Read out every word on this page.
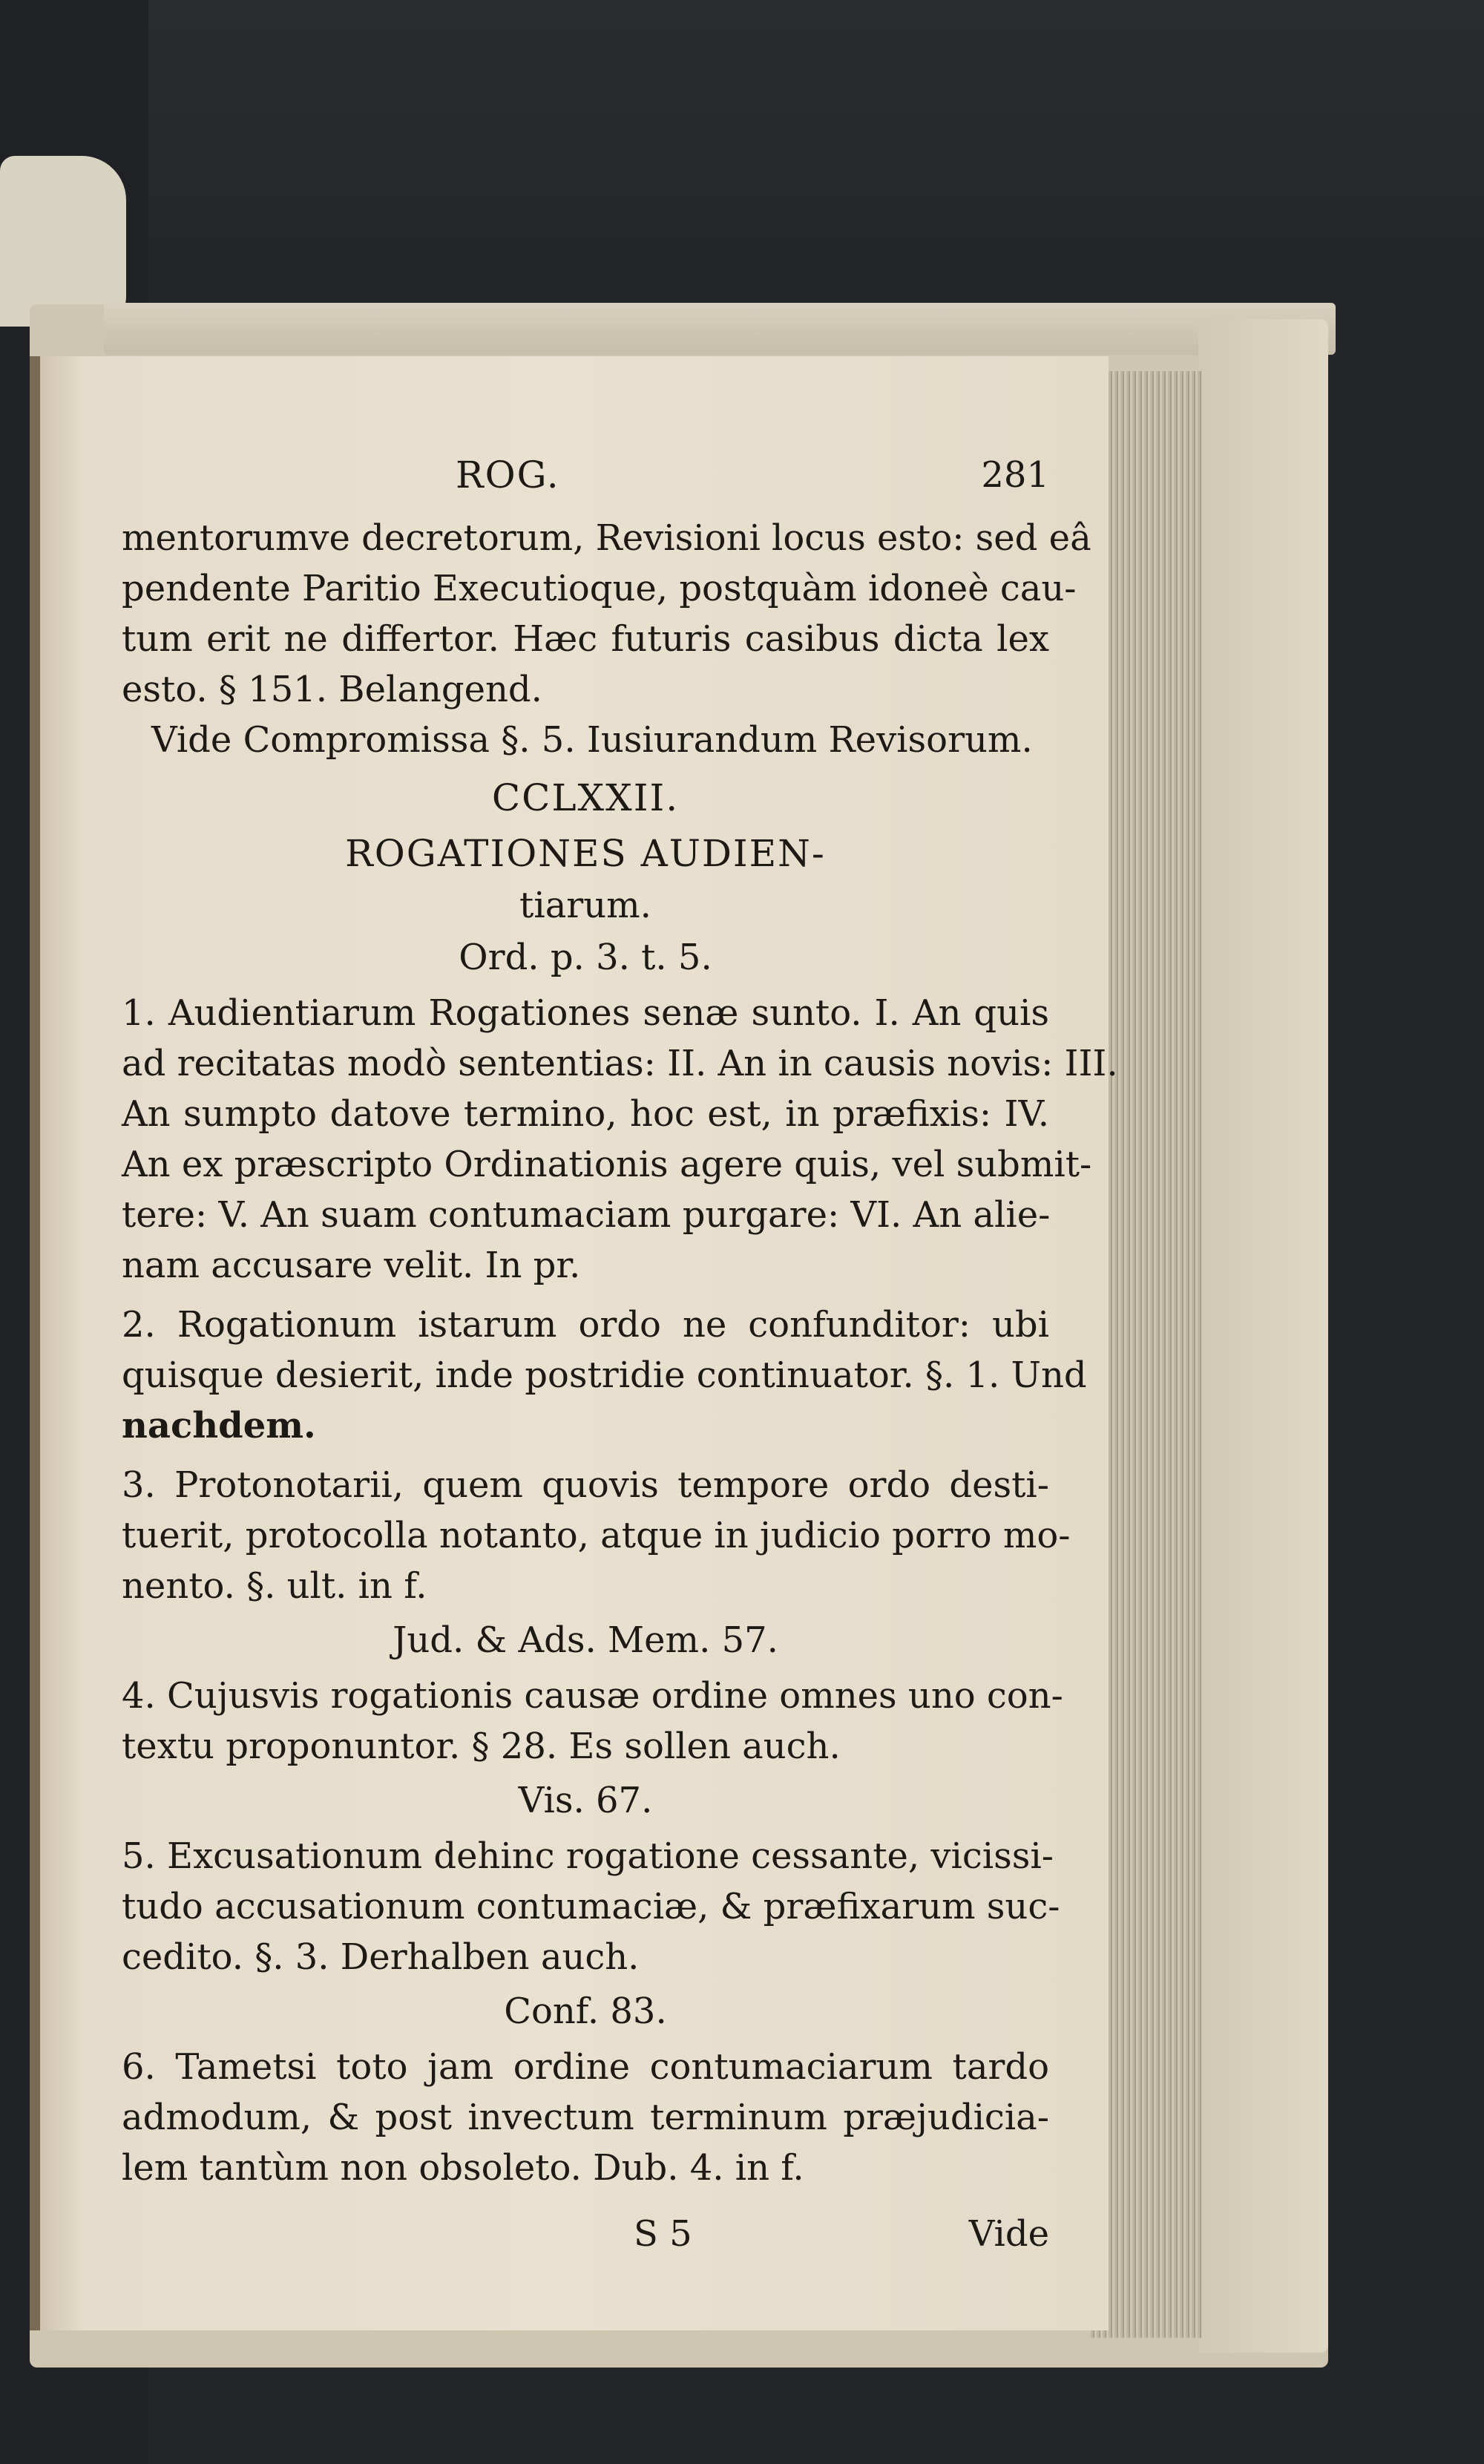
ROG.	281
mentorumve decretorum, Revisioni locus esto: sed eâ
pendente Paritio Executioque, postquàm idoneè cau-
tum erit ne differtor. Hæc futuris casibus dicta lex
esto. § 151. Belangend.
Vide Compromissa §. 5. Iusiurandum Revisorum.
CCLXXII.
ROGATIONES AUDIEN-
tiarum.
Ord. p. 3. t. 5.
1. Audientiarum Rogationes senæ sunto. I. An quis
ad recitatas modò sententias: II. An in causis novis: III.
An sumpto datove termino, hoc est, in præfixis: IV.
An ex præscripto Ordinationis agere quis, vel submit-
tere: V. An suam contumaciam purgare: VI. An alie-
nam accusare velit. In pr.
2. Rogationum istarum ordo ne confunditor: ubi
quisque desierit, inde postridie continuator. §. 1. Und
nachdem.
3. Protonotarii, quem quovis tempore ordo desti-
tuerit, protocolla notanto, atque in judicio porro mo-
nento. §. ult. in f.
Jud. & Ads. Mem. 57.
4. Cujusvis rogationis causæ ordine omnes uno con-
textu proponuntor. § 28. Es sollen auch.
Vis. 67.
5. Excusationum dehinc rogatione cessante, vicissi-
tudo accusationum contumaciæ, & præfixarum suc-
cedito. §. 3. Derhalben auch.
Conf. 83.
6. Tametsi toto jam ordine contumaciarum tardo
admodum, & post invectum terminum præjudicia-
lem tantùm non obsoleto. Dub. 4. in f.
S 5	Vide
